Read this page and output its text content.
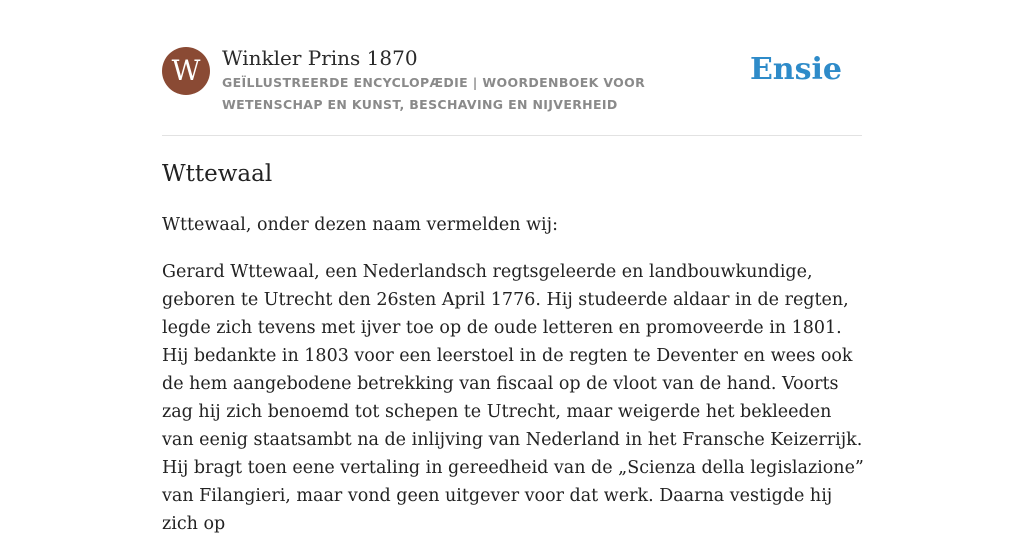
W	Winkler Prins 1870
GEÏLLUSTREERDE ENCYCLOPÆDIE | WOORDENBOEK VOOR WETENSCHAP EN KUNST, BESCHAVING EN NIJVERHEID
Ensie
Wttewaal

Wttewaal, onder dezen naam vermelden wij:

Gerard Wttewaal, een Nederlandsch regtsgeleerde en landbouwkundige, geboren te Utrecht den 26sten April 1776. Hij studeerde aldaar in de regten, legde zich tevens met ijver toe op de oude letteren en promoveerde in 1801. Hij bedankte in 1803 voor een leerstoel in de regten te Deventer en wees ook de hem aangebodene betrekking van fiscaal op de vloot van de hand. Voorts zag hij zich benoemd tot schepen te Utrecht, maar weigerde het bekleeden van eenig staatsambt na de inlijving van Nederland in het Fransche Keizerrijk. Hij bragt toen eene vertaling in gereedheid van de „Scienza della legislazione” van Filangieri, maar vond geen uitgever voor dat werk. Daarna vestigde hij zich op
